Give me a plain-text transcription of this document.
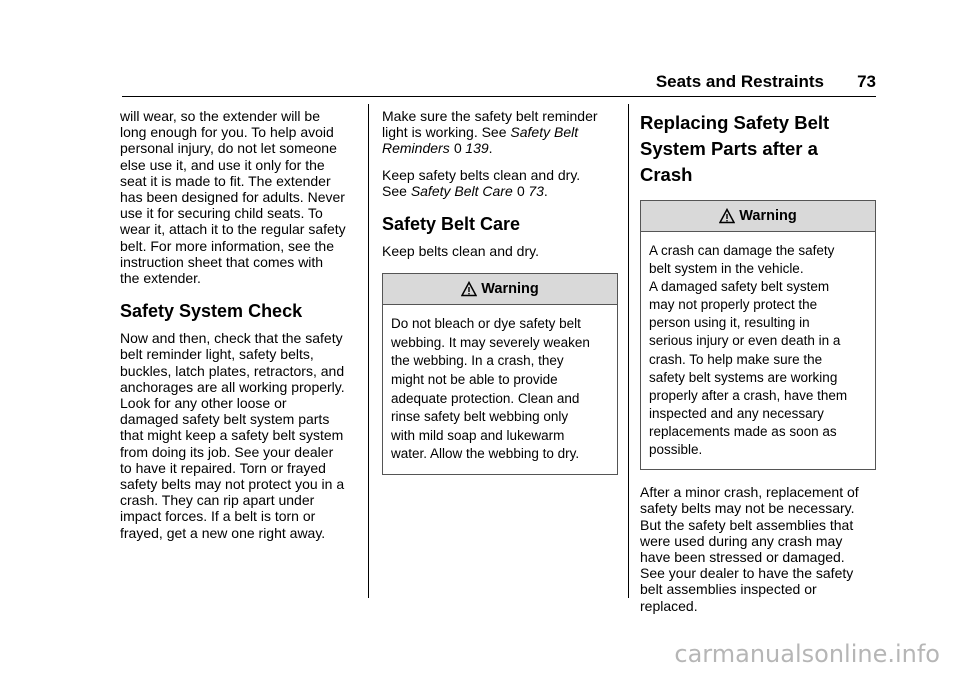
Seats and Restraints 73

will wear, so the extender will be
long enough for you. To help avoid
personal injury, do not let someone
else use it, and use it only for the
seat it is made to fit. The extender
has been designed for adults. Never
use it for securing child seats. To
wear it, attach it to the regular safety
belt. For more information, see the
instruction sheet that comes with
the extender.

Safety System Check

Now and then, check that the safety
belt reminder light, safety belts,
buckles, latch plates, retractors, and
anchorages are all working properly.
Look for any other loose or
damaged safety belt system parts
that might keep a safety belt system
from doing its job. See your dealer
to have it repaired. Torn or frayed
safety belts may not protect you in a
crash. They can rip apart under
impact forces. If a belt is torn or
frayed, get a new one right away.

Make sure the safety belt reminder
light is working. See Safety Belt
Reminders 0 139.

Keep safety belts clean and dry.
See Safety Belt Care 0 73.

Safety Belt Care

Keep belts clean and dry.

Warning
Do not bleach or dye safety belt
webbing. It may severely weaken
the webbing. In a crash, they
might not be able to provide
adequate protection. Clean and
rinse safety belt webbing only
with mild soap and lukewarm
water. Allow the webbing to dry.
Replacing Safety Belt
System Parts after a
Crash
Warning
A crash can damage the safety
belt system in the vehicle.
A damaged safety belt system
may not properly protect the
person using it, resulting in
serious injury or even death in a
crash. To help make sure the
safety belt systems are working
properly after a crash, have them
inspected and any necessary
replacements made as soon as
possible.

After a minor crash, replacement of
safety belts may not be necessary.
But the safety belt assemblies that
were used during any crash may
have been stressed or damaged.
See your dealer to have the safety
belt assemblies inspected or
replaced.

carmanualsonline.info
